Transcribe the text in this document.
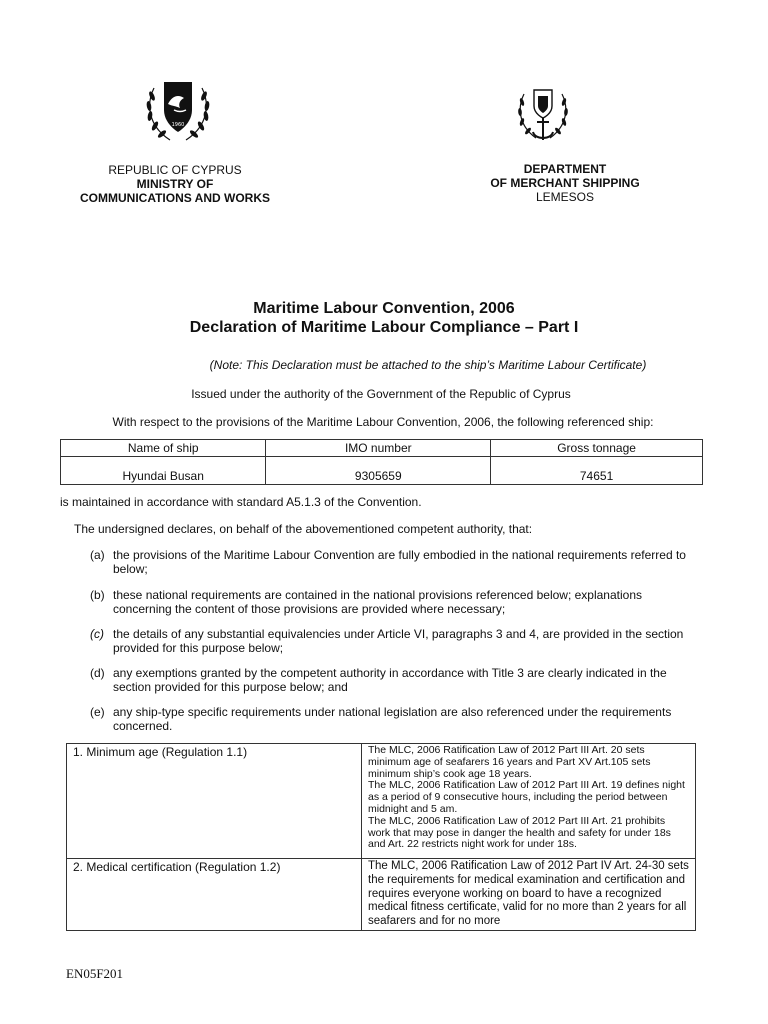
1960
REPUBLIC OF CYPRUS
MINISTRY OF
COMMUNICATIONS AND WORKS
DEPARTMENT
OF MERCHANT SHIPPING
LEMESOS
Maritime Labour Convention, 2006
Declaration of Maritime Labour Compliance – Part I
(Note: This Declaration must be attached to the ship’s Maritime Labour Certificate)
Issued under the authority of the Government of the Republic of Cyprus
With respect to the provisions of the Maritime Labour Convention, 2006, the following referenced ship:
Name of ship	IMO number	Gross tonnage
Hyundai Busan	9305659	74651
is maintained in accordance with standard A5.1.3 of the Convention.
The undersigned declares, on behalf of the abovementioned competent authority, that:
(a) the provisions of the Maritime Labour Convention are fully embodied in the national requirements referred to below;
(b) these national requirements are contained in the national provisions referenced below; explanations concerning the content of those provisions are provided where necessary;
(c) the details of any substantial equivalencies under Article VI, paragraphs 3 and 4, are provided in the section provided for this purpose below;
(d) any exemptions granted by the competent authority in accordance with Title 3 are clearly indicated in the section provided for this purpose below; and
(e) any ship-type specific requirements under national legislation are also referenced under the requirements concerned.
1. Minimum age (Regulation 1.1)	The MLC, 2006 Ratification Law of 2012 Part III Art. 20 sets minimum age of seafarers 16 years and Part XV Art.105 sets minimum ship’s cook age 18 years.
The MLC, 2006 Ratification Law of 2012 Part III Art. 19 defines night as a period of 9 consecutive hours, including the period between midnight and 5 am.
The MLC, 2006 Ratification Law of 2012 Part III Art. 21 prohibits work that may pose in danger the health and safety for under 18s and Art. 22 restricts night work for under 18s.
2. Medical certification (Regulation 1.2)	The MLC, 2006 Ratification Law of 2012 Part IV Art. 24-30 sets the requirements for medical examination and certification and requires everyone working on board to have a recognized medical fitness certificate, valid for no more than 2 years for all seafarers and for no more
EN05F201
